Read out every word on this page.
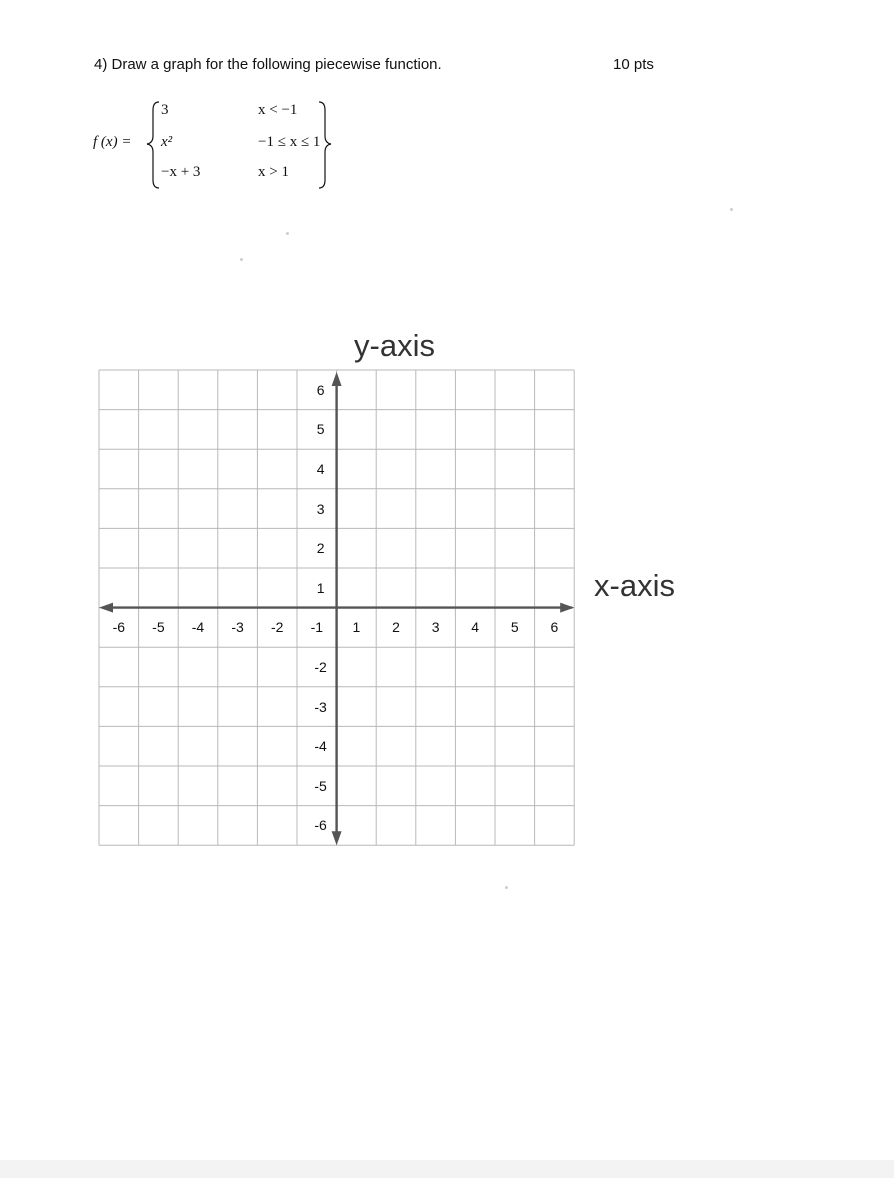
4) Draw a graph for the following piecewise function.	10 pts
f (x) =
3
x²
−x + 3
x < −1
−1 ≤ x ≤ 1
x > 1
y-axis
x-axis
-6 -5 -4 -3 -2 -1 1 2 3 4 5 6
6
5
4
3
2
1
-2
-3
-4
-5
-6
